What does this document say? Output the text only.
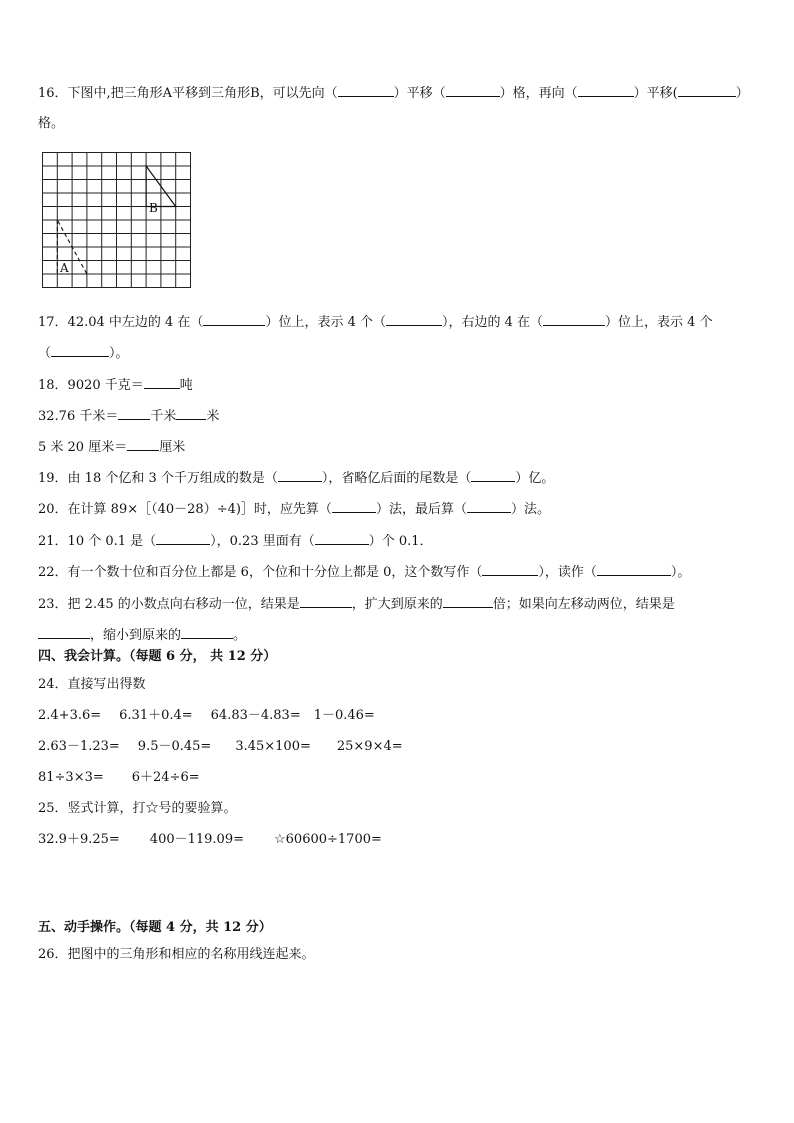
16．下图中,把三角形A平移到三角形B，可以先向（	）平移（	）格，再向（	）平移(	）
格。
B
A
17．42.04 中左边的 4 在（	）位上，表示 4 个（	），右边的 4 在（	）位上，表示 4 个
（	）。
18．9020 千克＝	吨
32.76 千米＝ 千米 米
5 米 20 厘米＝ 厘米
19．由 18 个亿和 3 个千万组成的数是（	），省略亿后面的尾数是（	）亿。
20．在计算 89×［（40－28）÷4)］时，应先算（	）法，最后算（	）法。
21．10 个 0.1 是（	），0.23 里面有（	）个 0.1．
22．有一个数十位和百分位上都是 6，个位和十分位上都是 0，这个数写作（	），读作（	）。
23．把 2.45 的小数点向右移动一位，结果是	，扩大到原来的	倍；如果向左移动两位，结果是
，缩小到原来的	。
四、我会计算。（每题 6 分， 共 12 分）
24．直接写出得数
2.4+3.6= 6.31＋0.4= 64.83－4.83= 1－0.46=
2.63－1.23= 9.5－0.45= 3.45×100= 25×9×4=
81÷3×3= 6＋24÷6=
25．竖式计算，打☆号的要验算。
32.9＋9.25= 400－119.09= ☆60600÷1700=
五、动手操作。（每题 4 分，共 12 分）
26．把图中的三角形和相应的名称用线连起来。
